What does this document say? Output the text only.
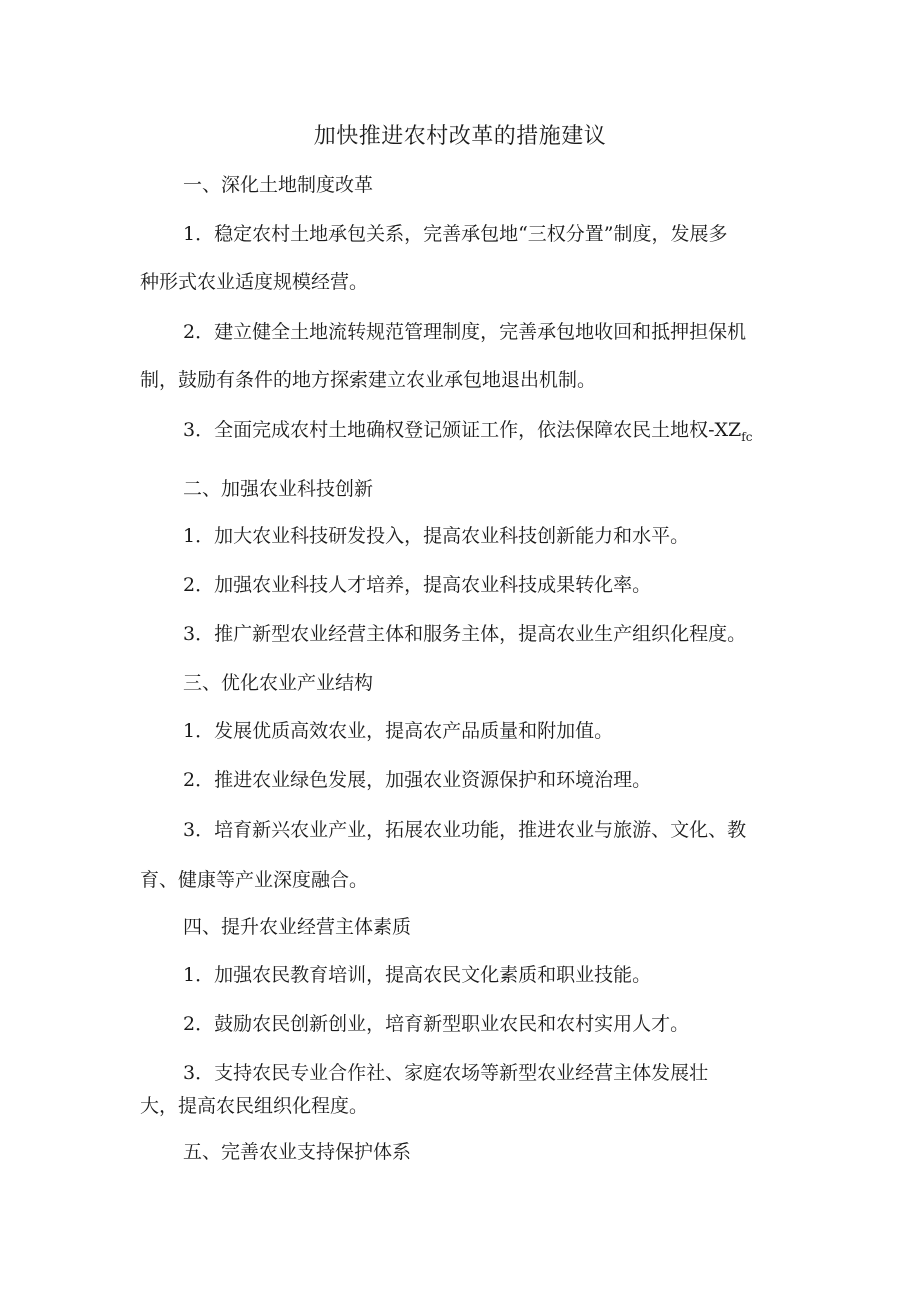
加快推进农村改革的措施建议
一、深化土地制度改革
1．稳定农村土地承包关系，完善承包地“三权分置”制度，发展多
种形式农业适度规模经营。
2．建立健全土地流转规范管理制度，完善承包地收回和抵押担保机
制，鼓励有条件的地方探索建立农业承包地退出机制。
3．全面完成农村土地确权登记颁证工作，依法保障农民土地权$-XZ_{fc}$
二、加强农业科技创新
1．加大农业科技研发投入，提高农业科技创新能力和水平。
2．加强农业科技人才培养，提高农业科技成果转化率。
3．推广新型农业经营主体和服务主体，提高农业生产组织化程度。
三、优化农业产业结构
1．发展优质高效农业，提高农产品质量和附加值。
2．推进农业绿色发展，加强农业资源保护和环境治理。
3．培育新兴农业产业，拓展农业功能，推进农业与旅游、文化、教
育、健康等产业深度融合。
四、提升农业经营主体素质
1．加强农民教育培训，提高农民文化素质和职业技能。
2．鼓励农民创新创业，培育新型职业农民和农村实用人才。
3．支持农民专业合作社、家庭农场等新型农业经营主体发展壮
大，提高农民组织化程度。
五、完善农业支持保护体系
